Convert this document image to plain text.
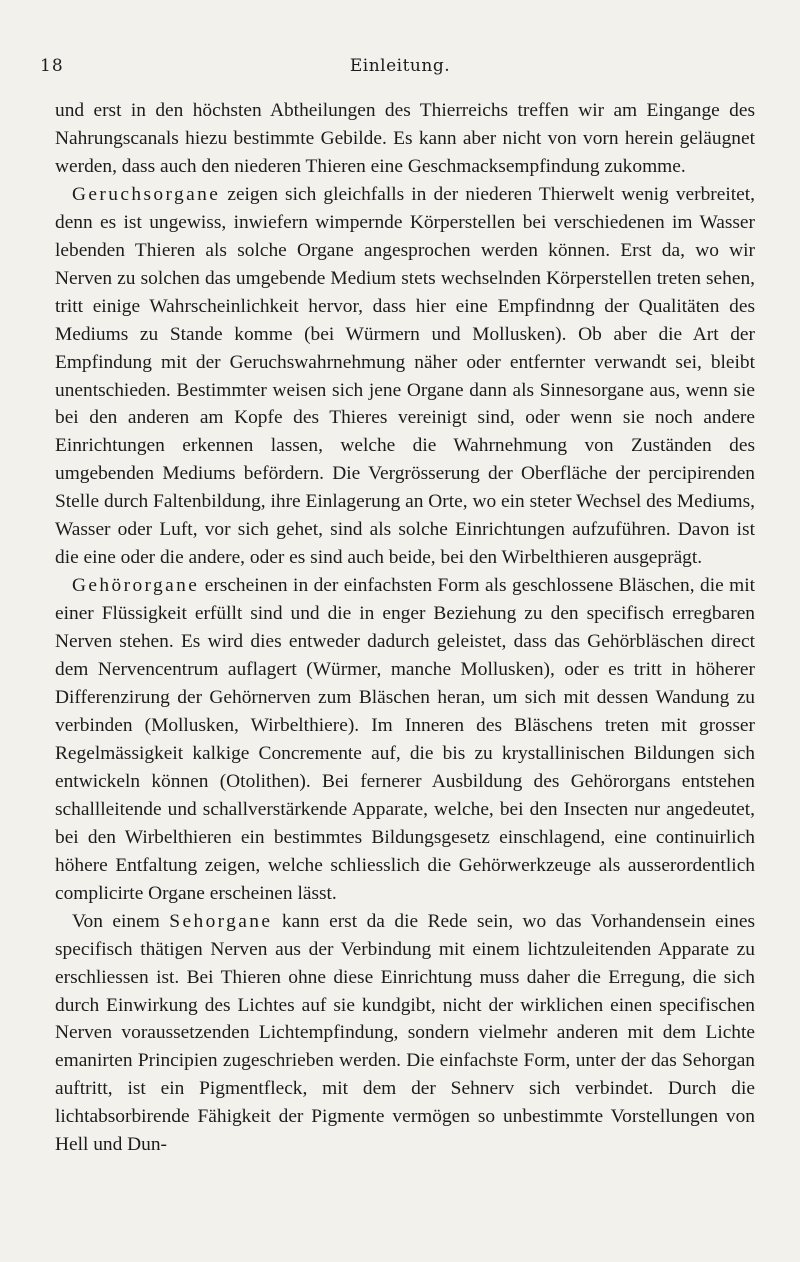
18	Einleitung.

und erst in den höchsten Abtheilungen des Thierreichs treffen wir am Eingange des Nahrungscanals hiezu bestimmte Gebilde. Es kann aber nicht von vorn herein geläugnet werden, dass auch den niederen Thieren eine Geschmacksempfindung zukomme.

Geruchsorgane zeigen sich gleichfalls in der niederen Thierwelt wenig verbreitet, denn es ist ungewiss, inwiefern wimpernde Körperstellen bei verschiedenen im Wasser lebenden Thieren als solche Organe angesprochen werden können. Erst da, wo wir Nerven zu solchen das umgebende Medium stets wechselnden Körperstellen treten sehen, tritt einige Wahrscheinlichkeit hervor, dass hier eine Empfindnng der Qualitäten des Mediums zu Stande komme (bei Würmern und Mollusken). Ob aber die Art der Empfindung mit der Geruchswahrnehmung näher oder entfernter verwandt sei, bleibt unentschieden. Bestimmter weisen sich jene Organe dann als Sinnesorgane aus, wenn sie bei den anderen am Kopfe des Thieres vereinigt sind, oder wenn sie noch andere Einrichtungen erkennen lassen, welche die Wahrnehmung von Zuständen des umgebenden Mediums befördern. Die Vergrösserung der Oberfläche der percipirenden Stelle durch Faltenbildung, ihre Einlagerung an Orte, wo ein steter Wechsel des Mediums, Wasser oder Luft, vor sich gehet, sind als solche Einrichtungen aufzuführen. Davon ist die eine oder die andere, oder es sind auch beide, bei den Wirbelthieren ausgeprägt.

Gehörorgane erscheinen in der einfachsten Form als geschlossene Bläschen, die mit einer Flüssigkeit erfüllt sind und die in enger Beziehung zu den specifisch erregbaren Nerven stehen. Es wird dies entweder dadurch geleistet, dass das Gehörbläschen direct dem Nervencentrum auflagert (Würmer, manche Mollusken), oder es tritt in höherer Differenzirung der Gehörnerven zum Bläschen heran, um sich mit dessen Wandung zu verbinden (Mollusken, Wirbelthiere). Im Inneren des Bläschens treten mit grosser Regelmässigkeit kalkige Concremente auf, die bis zu krystallinischen Bildungen sich entwickeln können (Otolithen). Bei fernerer Ausbildung des Gehörorgans entstehen schallleitende und schallverstärkende Apparate, welche, bei den Insecten nur angedeutet, bei den Wirbelthieren ein bestimmtes Bildungsgesetz einschlagend, eine continuirlich höhere Entfaltung zeigen, welche schliesslich die Gehörwerkzeuge als ausserordentlich complicirte Organe erscheinen lässt.

Von einem Sehorgane kann erst da die Rede sein, wo das Vorhandensein eines specifisch thätigen Nerven aus der Verbindung mit einem lichtzuleitenden Apparate zu erschliessen ist. Bei Thieren ohne diese Einrichtung muss daher die Erregung, die sich durch Einwirkung des Lichtes auf sie kundgibt, nicht der wirklichen einen specifischen Nerven voraussetzenden Lichtempfindung, sondern vielmehr anderen mit dem Lichte emanirten Principien zugeschrieben werden. Die einfachste Form, unter der das Sehorgan auftritt, ist ein Pigmentfleck, mit dem der Sehnerv sich verbindet. Durch die lichtabsorbirende Fähigkeit der Pigmente vermögen so unbestimmte Vorstellungen von Hell und Dun-
